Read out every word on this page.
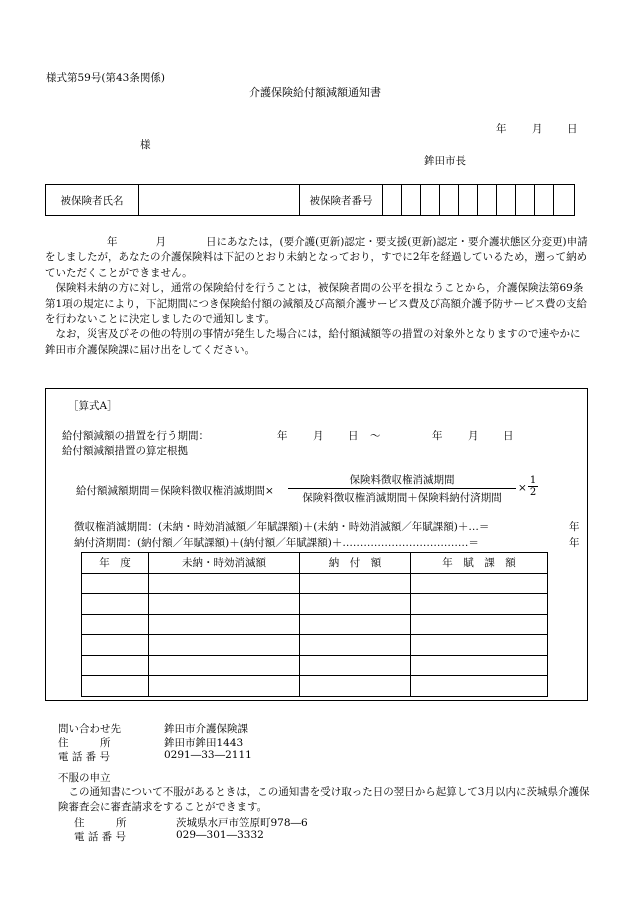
様式第59号(第43条関係)
介護保険給付額減額通知書
年 月 日
様
鉾田市長
被保険者氏名		被保険者番号										

年	月	日にあなたは，(要介護(更新)認定・要支援(更新)認定・要介護状態区分変更)申請をしましたが，あなたの介護保険料は下記のとおり未納となっており，すでに2年を経過しているため，遡って納めていただくことができません。

保険料未納の方に対し，通常の保険給付を行うことは，被保険者間の公平を損なうことから，介護保険法第69条第1項の規定により，下記期間につき保険給付額の減額及び高額介護サービス費及び高額介護予防サービス費の支給を行わないことに決定しましたので通知します。

なお，災害及びその他の特別の事情が発生した場合には，給付額減額等の措置の対象外となりますので速やかに鉾田市介護保険課に届け出をしてください。

［算式A］
給付額減額の措置を行う期間：	年 月 日 ～	年 月 日
給付額減額措置の算定根拠
給付額減額期間＝保険料徴収権消滅期間×
保険料徴収権消滅期間
保険料徴収権消滅期間＋保険料納付済期間
×
1
2
徴収権消滅期間：(未納・時効消滅額／年賦課額)＋(未納・時効消滅額／年賦課額)＋…＝	年
納付済期間：(納付額／年賦課額)＋(納付額／年賦課額)＋………………………………＝	年
年　度	未納・時効消滅額	納　付　額	年　賦　課　額

問い合わせ先	鉾田市介護保険課
住　　　所	鉾田市鉾田1443
電 話 番 号	0291―33―2111
不服の申立

この通知書について不服があるときは，この通知書を受け取った日の翌日から起算して3月以内に茨城県介護保険審査会に審査請求をすることができます。

住　　　所	茨城県水戸市笠原町978―6
電 話 番 号	029―301―3332
